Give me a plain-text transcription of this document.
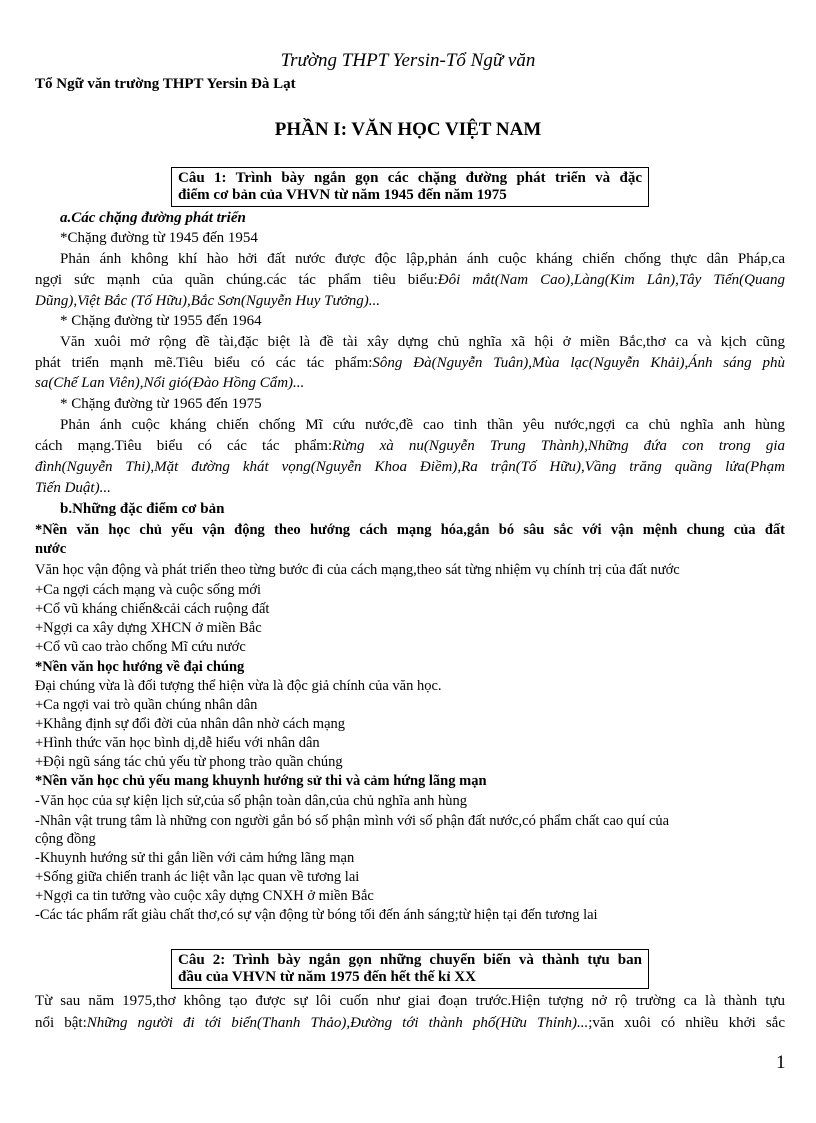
Trường THPT Yersin-Tổ Ngữ văn
Tổ Ngữ văn trường THPT Yersin Đà Lạt
PHẦN I: VĂN HỌC VIỆT NAM
Câu 1: Trình bày ngắn gọn các chặng đường phát triển và đặc
điểm cơ bản của VHVN từ năm 1945 đến năm 1975
a.Các chặng đường phát triển
*Chặng đường từ 1945 đến 1954
Phản ánh không khí hào hởi đất nước được độc lập,phản ánh cuộc kháng chiến chống thực dân Pháp,ca
ngợi sức mạnh của quần chúng.các tác phẩm tiêu biểu:Đôi mắt(Nam Cao),Làng(Kim Lân),Tây Tiến(Quang
Dũng),Việt Bắc (Tố Hữu),Bắc Sơn(Nguyễn Huy Tưởng)...
* Chặng đường từ 1955 đến 1964
Văn xuôi mở rộng đề tài,đặc biệt là đề tài xây dựng chủ nghĩa xã hội ở miền Bắc,thơ ca và kịch cũng
phát triển mạnh mẽ.Tiêu biểu có các tác phẩm:Sông Đà(Nguyễn Tuân),Mùa lạc(Nguyễn Khải),Ánh sáng phù
sa(Chế Lan Viên),Nổi gió(Đào Hồng Cẩm)...
* Chặng đường từ 1965 đến 1975
Phản ánh cuộc kháng chiến chống Mĩ cứu nước,đề cao tinh thần yêu nước,ngợi ca chủ nghĩa anh hùng
cách mạng.Tiêu biểu có các tác phẩm:Rừng xà nu(Nguyễn Trung Thành),Những đứa con trong gia
đình(Nguyễn Thi),Mặt đường khát vọng(Nguyễn Khoa Điềm),Ra trận(Tố Hữu),Vầng trăng quầng lửa(Phạm
Tiến Duật)...
b.Những đặc điểm cơ bản
*Nền văn học chủ yếu vận động theo hướng cách mạng hóa,gắn bó sâu sắc với vận mệnh chung của đất
nước
Văn học vận động và phát triển theo từng bước đi của cách mạng,theo sát từng nhiệm vụ chính trị của đất nước
+Ca ngợi cách mạng và cuộc sống mới
+Cổ vũ kháng chiến&cải cách ruộng đất
+Ngợi ca xây dựng XHCN ở miền Bắc
+Cổ vũ cao trào chống Mĩ cứu nước
*Nền văn học hướng về đại chúng
Đại chúng vừa là đối tượng thể hiện vừa là độc giả chính của văn học.
+Ca ngợi vai trò quần chúng nhân dân
+Khẳng định sự đổi đời của nhân dân nhờ cách mạng
+Hình thức văn học bình dị,dễ hiểu với nhân dân
+Đội ngũ sáng tác chủ yếu từ phong trào quần chúng
*Nền văn học chủ yếu mang khuynh hướng sử thi và cảm hứng lãng mạn
-Văn học của sự kiện lịch sử,của số phận toàn dân,của chủ nghĩa anh hùng
-Nhân vật trung tâm là những con người gắn bó số phận mình với số phận đất nước,có phẩm chất cao quí của
cộng đồng
-Khuynh hướng sử thi gắn liền với cảm hứng lãng mạn
+Sống giữa chiến tranh ác liệt vẫn lạc quan về tương lai
+Ngợi ca tin tưởng vào cuộc xây dựng CNXH ở miền Bắc
-Các tác phẩm rất giàu chất thơ,có sự vận động từ bóng tối đến ánh sáng;từ hiện tại đến tương lai
Câu 2: Trình bày ngắn gọn những chuyển biến và thành tựu ban
đầu của VHVN từ năm 1975 đến hết thế kỉ XX
Từ sau năm 1975,thơ không tạo được sự lôi cuốn như giai đoạn trước.Hiện tượng nở rộ trường ca là thành tựu
nổi bật:Những người đi tới biển(Thanh Thảo),Đường tới thành phố(Hữu Thỉnh)...;văn xuôi có nhiều khởi sắc
1
